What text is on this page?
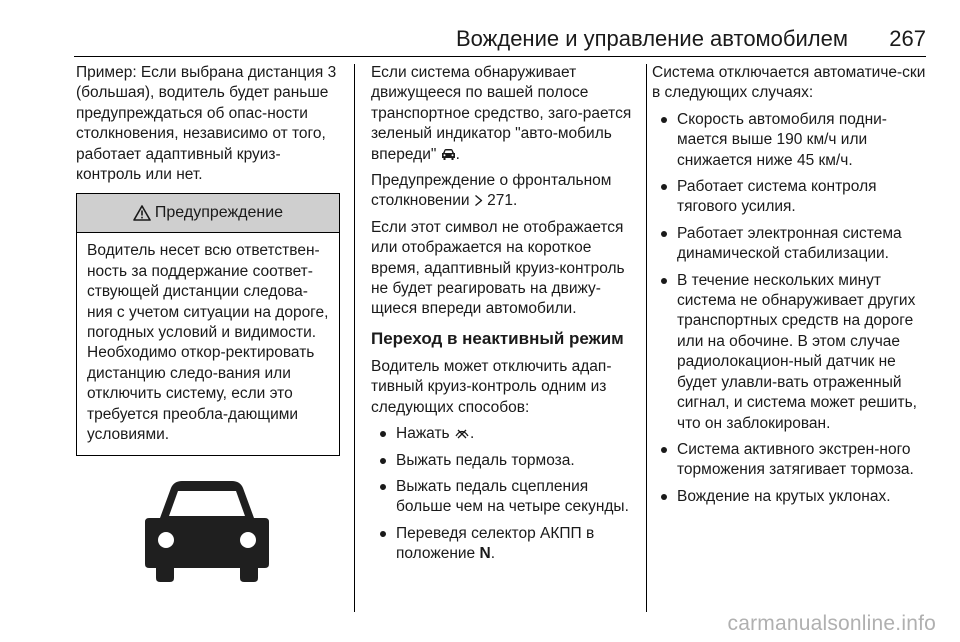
Вождение и управление автомобилем 267

Пример: Если выбрана дистанция 3 (большая), водитель будет раньше предупреждаться об опас-ности столкновения, независимо от того, работает адаптивный круиз-контроль или нет.

Предупреждение
Водитель несет всю ответствен-ность за поддержание соответ-ствующей дистанции следова-ния с учетом ситуации на дороге, погодных условий и видимости. Необходимо откор-ректировать дистанцию следо-вания или отключить систему, если это требуется преобла-дающими условиями.

Если система обнаруживает движущееся по вашей полосе транспортное средство, заго-рается зеленый индикатор "авто-мобиль впереди" .

Предупреждение о фронтальном столкновении 271.

Если этот символ не отображается или отображается на короткое время, адаптивный круиз-контроль не будет реагировать на движу-щиеся впереди автомобили.

Переход в неактивный режим

Водитель может отключить адап-тивный круиз-контроль одним из следующих способов:

Нажать .
Выжать педаль тормоза.
Выжать педаль сцепления больше чем на четыре секунды.
Переведя селектор АКПП в положение N.

Система отключается автоматиче-ски в следующих случаях:

Скорость автомобиля подни-мается выше 190 км/ч или снижается ниже 45 км/ч.
Работает система контроля тягового усилия.
Работает электронная система динамической стабилизации.
В течение нескольких минут система не обнаруживает других транспортных средств на дороге или на обочине. В этом случае радиолокацион-ный датчик не будет улавли-вать отраженный сигнал, и система может решить, что он заблокирован.
Система активного экстрен-ного торможения затягивает тормоза.
Вождение на крутых уклонах.
carmanualsonline.info
